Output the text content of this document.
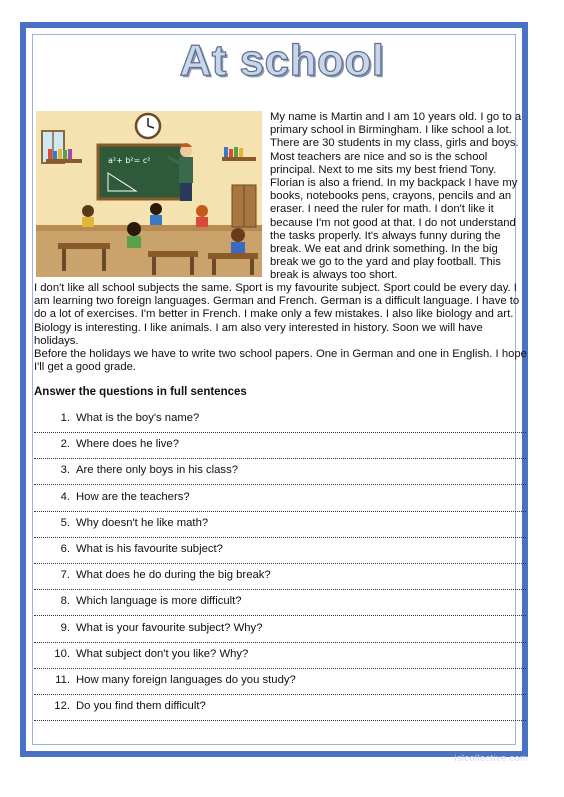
At school
a²+ b²= c²

My name is Martin and I am 10 years old. I go to a primary school in Birmingham. I like school a lot. There are 30 students in my class, girls and boys. Most teachers are nice and so is the school principal. Next to me sits my best friend Tony. Florian is also a friend. In my backpack I have my books, notebooks pens, crayons, pencils and an eraser. I need the ruler for math. I don't like it because I'm not good at that. I do not understand the tasks properly. It's always funny during the break. We eat and drink something. In the big break we go to the yard and play football. This break is always too short.

I don't like all school subjects the same. Sport is my favourite subject. Sport could be every day. I am learning two foreign languages. German and French. German is a difficult language. I have to do a lot of exercises. I'm better in French. I make only a few mistakes. I also like biology and art. Biology is interesting. I like animals. I am also very interested in history. Soon we will have holidays.

Before the holidays we have to write two school papers. One in German and one in English. I hope I'll get a good grade.

Answer the questions in full sentences
1. What is the boy's name?
2. Where does he live?
3. Are there only boys in his class?
4. How are the teachers?
5. Why doesn't he like math?
6. What is his favourite subject?
7. What does he do during the big break?
8. Which language is more difficult?
9. What is your favourite subject? Why?
10. What subject don't you like? Why?
11. How many foreign languages do you study?
12. Do you find them difficult?
islcollective.com
